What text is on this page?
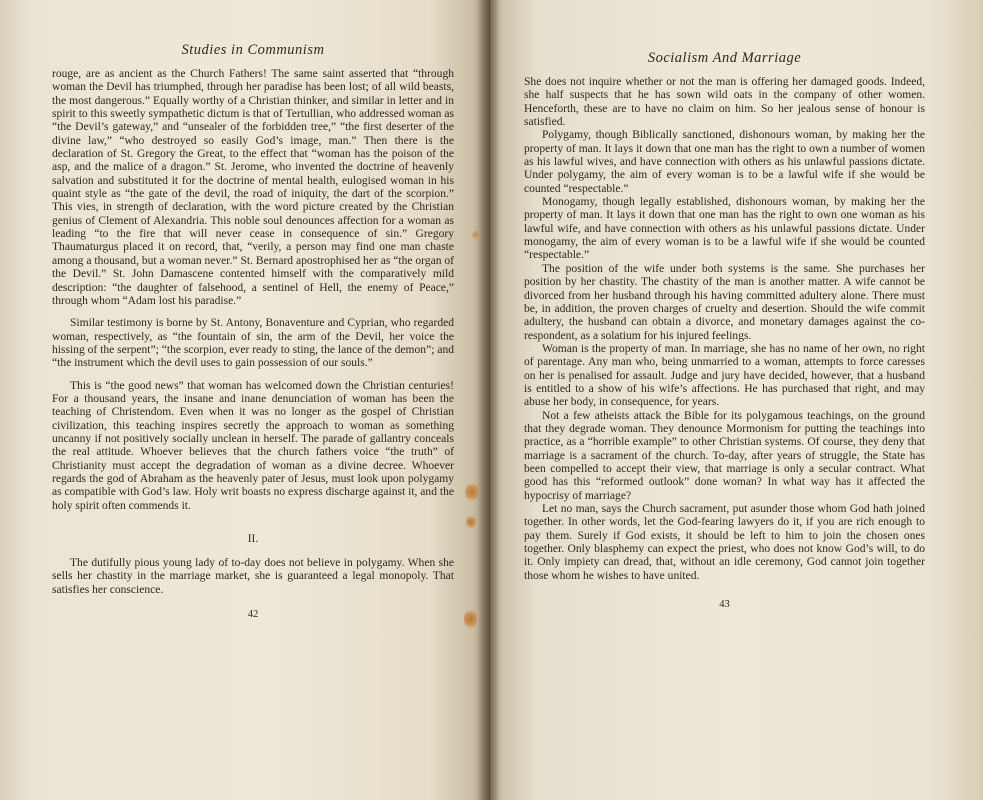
Studies in Communism

rouge, are as ancient as the Church Fathers! The same saint asserted that “through woman the Devil has triumphed, through her paradise has been lost; of all wild beasts, the most dangerous.” Equally worthy of a Christian thinker, and similar in letter and in spirit to this sweetly sympathetic dictum is that of Tertullian, who addressed woman as “the Devil’s gateway,” and “unsealer of the forbidden tree,” “the first deserter of the divine law,” “who destroyed so easily God’s image, man.” Then there is the declaration of St. Gregory the Great, to the effect that “woman has the poison of the asp, and the malice of a dragon.” St. Jerome, who invented the doctrine of heavenly salvation and substituted it for the doctrine of mental health, eulogised woman in his quaint style as “the gate of the devil, the road of iniquity, the dart of the scorpion.” This vies, in strength of declaration, with the word picture created by the Christian genius of Clement of Alexandria. This noble soul denounces affection for a woman as leading “to the fire that will never cease in consequence of sin.” Gregory Thaumaturgus placed it on record, that, “verily, a person may find one man chaste among a thousand, but a woman never.” St. Bernard apostrophised her as “the organ of the Devil.” St. John Damascene contented himself with the comparatively mild description: “the daughter of falsehood, a sentinel of Hell, the enemy of Peace,” through whom “Adam lost his paradise.”

Similar testimony is borne by St. Antony, Bonaventure and Cyprian, who regarded woman, respectively, as “the fountain of sin, the arm of the Devil, her voice the hissing of the serpent”; “the scorpion, ever ready to sting, the lance of the demon”; and “the instrument which the devil uses to gain possession of our souls.”

This is “the good news” that woman has welcomed down the Christian centuries! For a thousand years, the insane and inane denunciation of woman has been the teaching of Christendom. Even when it was no longer as the gospel of Christian civilization, this teaching inspires secretly the approach to woman as something uncanny if not positively socially unclean in herself. The parade of gallantry conceals the real attitude. Whoever believes that the church fathers voice “the truth” of Christianity must accept the degradation of woman as a divine decree. Whoever regards the god of Abraham as the heavenly pater of Jesus, must look upon polygamy as compatible with God’s law. Holy writ boasts no express discharge against it, and the holy spirit often commends it.

II.

The dutifully pious young lady of to-day does not believe in polygamy. When she sells her chastity in the marriage market, she is guaranteed a legal monopoly. That satisfies her conscience.

42
Socialism And Marriage

She does not inquire whether or not the man is offering her damaged goods. Indeed, she half suspects that he has sown wild oats in the company of other women. Henceforth, these are to have no claim on him. So her jealous sense of honour is satisfied.

Polygamy, though Biblically sanctioned, dishonours woman, by making her the property of man. It lays it down that one man has the right to own a number of women as his lawful wives, and have connection with others as his unlawful passions dictate. Under polygamy, the aim of every woman is to be a lawful wife if she would be counted “respectable.”

Monogamy, though legally established, dishonours woman, by making her the property of man. It lays it down that one man has the right to own one woman as his lawful wife, and have connection with others as his unlawful passions dictate. Under monogamy, the aim of every woman is to be a lawful wife if she would be counted “respectable.”

The position of the wife under both systems is the same. She purchases her position by her chastity. The chastity of the man is another matter. A wife cannot be divorced from her husband through his having committed adultery alone. There must be, in addition, the proven charges of cruelty and desertion. Should the wife commit adultery, the husband can obtain a divorce, and monetary damages against the co-respondent, as a solatium for his injured feelings.

Woman is the property of man. In marriage, she has no name of her own, no right of parentage. Any man who, being unmarried to a woman, attempts to force caresses on her is penalised for assault. Judge and jury have decided, however, that a husband is entitled to a show of his wife’s affections. He has purchased that right, and may abuse her body, in consequence, for years.

Not a few atheists attack the Bible for its polygamous teachings, on the ground that they degrade woman. They denounce Mormonism for putting the teachings into practice, as a “horrible example” to other Christian systems. Of course, they deny that marriage is a sacrament of the church. To-day, after years of struggle, the State has been compelled to accept their view, that marriage is only a secular contract. What good has this “reformed outlook” done woman? In what way has it affected the hypocrisy of marriage?

Let no man, says the Church sacrament, put asunder those whom God hath joined together. In other words, let the God-fearing lawyers do it, if you are rich enough to pay them. Surely if God exists, it should be left to him to join the chosen ones together. Only blasphemy can expect the priest, who does not know God’s will, to do it. Only impiety can dread, that, without an idle ceremony, God cannot join together those whom he wishes to have united.

43
